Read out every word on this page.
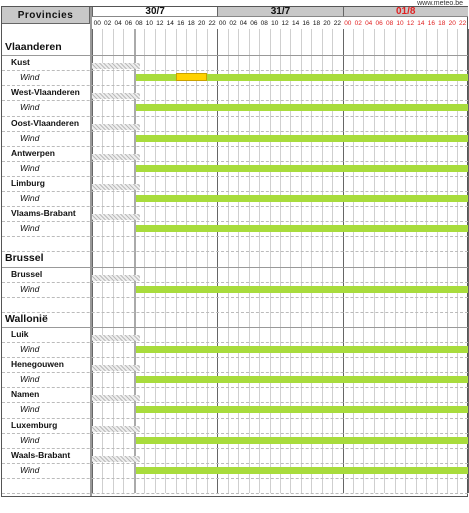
www.meteo.be
Provincies	30/7
00 02 04 06 08 10 12 14 16 18 20 22
31/7
00 02 04 06 08 10 12 14 16 18 20 22
01/8
00 02 04 06 08 10 12 14 16 18 20 22
Vlaanderen
Kust
Wind
West-Vlaanderen
Wind
Oost-Vlaanderen
Wind
Antwerpen
Wind
Limburg
Wind
Vlaams-Brabant
Wind
Brussel
Brussel
Wind
Wallonië
Luik
Wind
Henegouwen
Wind
Namen
Wind
Luxemburg
Wind
Waals-Brabant
Wind
